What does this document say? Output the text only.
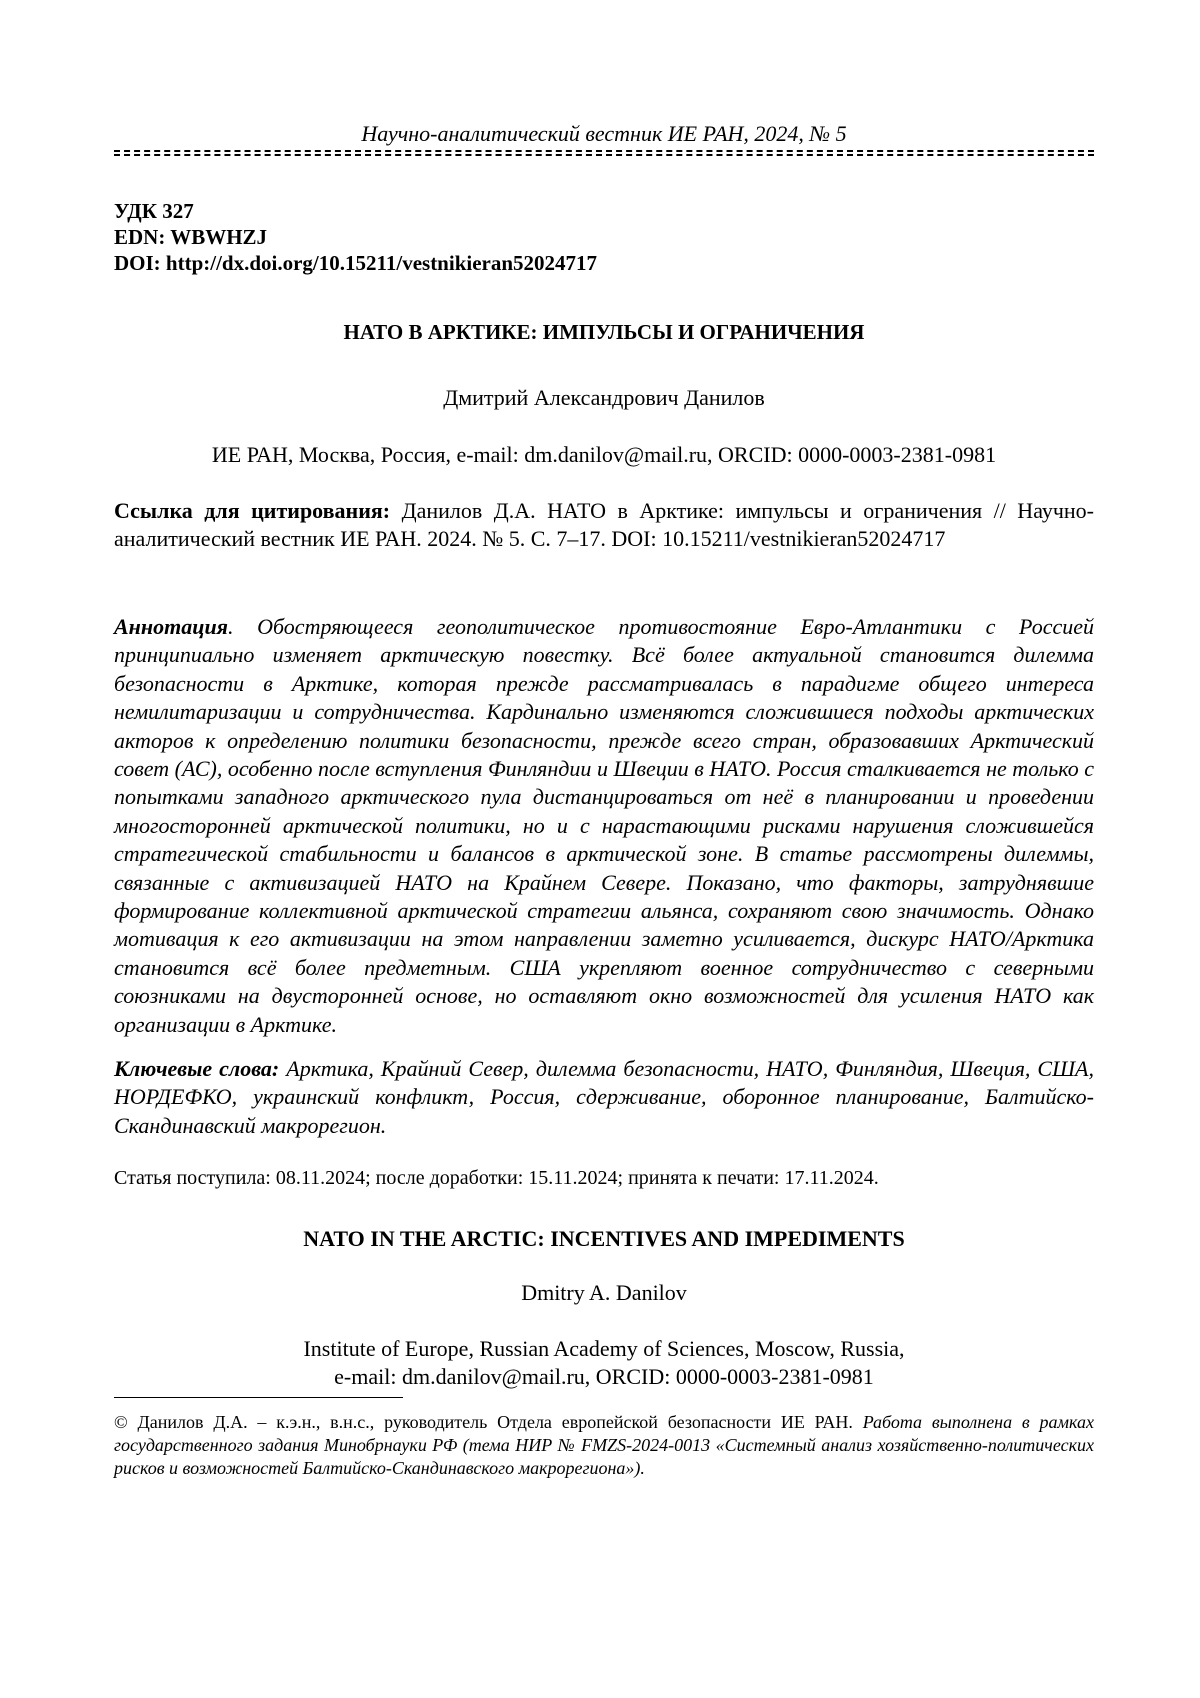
Научно-аналитический вестник ИЕ РАН, 2024, № 5
УДК 327
EDN: WBWHZJ
DOI: http://dx.doi.org/10.15211/vestnikieran52024717
НАТО В АРКТИКЕ: ИМПУЛЬСЫ И ОГРАНИЧЕНИЯ
Дмитрий Александрович Данилов
ИЕ РАН, Москва, Россия, e-mail: dm.danilov@mail.ru, ORCID: 0000-0003-2381-0981
Ссылка для цитирования: Данилов Д.А. НАТО в Арктике: импульсы и ограничения // Научно-аналитический вестник ИЕ РАН. 2024. № 5. С. 7–17. DOI: 10.15211/vestnikieran52024717
Аннотация. Обостряющееся геополитическое противостояние Евро-Атлантики с Россией принципиально изменяет арктическую повестку. Всё более актуальной становится дилемма безопасности в Арктике, которая прежде рассматривалась в парадигме общего интереса немилитаризации и сотрудничества. Кардинально изменяются сложившиеся подходы арктических акторов к определению политики безопасности, прежде всего стран, образовавших Арктический совет (АС), особенно после вступления Финляндии и Швеции в НАТО. Россия сталкивается не только с попытками западного арктического пула дистанцироваться от неё в планировании и проведении многосторонней арктической политики, но и с нарастающими рисками нарушения сложившейся стратегической стабильности и балансов в арктической зоне. В статье рассмотрены дилеммы, связанные с активизацией НАТО на Крайнем Севере. Показано, что факторы, затруднявшие формирование коллективной арктической стратегии альянса, сохраняют свою значимость. Однако мотивация к его активизации на этом направлении заметно усиливается, дискурс НАТО/Арктика становится всё более предметным. США укрепляют военное сотрудничество с северными союзниками на двусторонней основе, но оставляют окно возможностей для усиления НАТО как организации в Арктике.
Ключевые слова: Арктика, Крайний Север, дилемма безопасности, НАТО, Финляндия, Швеция, США, НОРДЕФКО, украинский конфликт, Россия, сдерживание, оборонное планирование, Балтийско-Скандинавский макрорегион.
Статья поступила: 08.11.2024; после доработки: 15.11.2024; принята к печати: 17.11.2024.
NATO IN THE ARCTIC: INCENTIVES AND IMPEDIMENTS
Dmitry A. Danilov
Institute of Europe, Russian Academy of Sciences, Moscow, Russia,
e-mail: dm.danilov@mail.ru, ORCID: 0000-0003-2381-0981
© Данилов Д.А. – к.э.н., в.н.с., руководитель Отдела европейской безопасности ИЕ РАН. Работа выполнена в рамках государственного задания Минобрнауки РФ (тема НИР № FMZS-2024-0013 «Системный анализ хозяйственно-политических рисков и возможностей Балтийско-Скандинавского макрорегиона»).
